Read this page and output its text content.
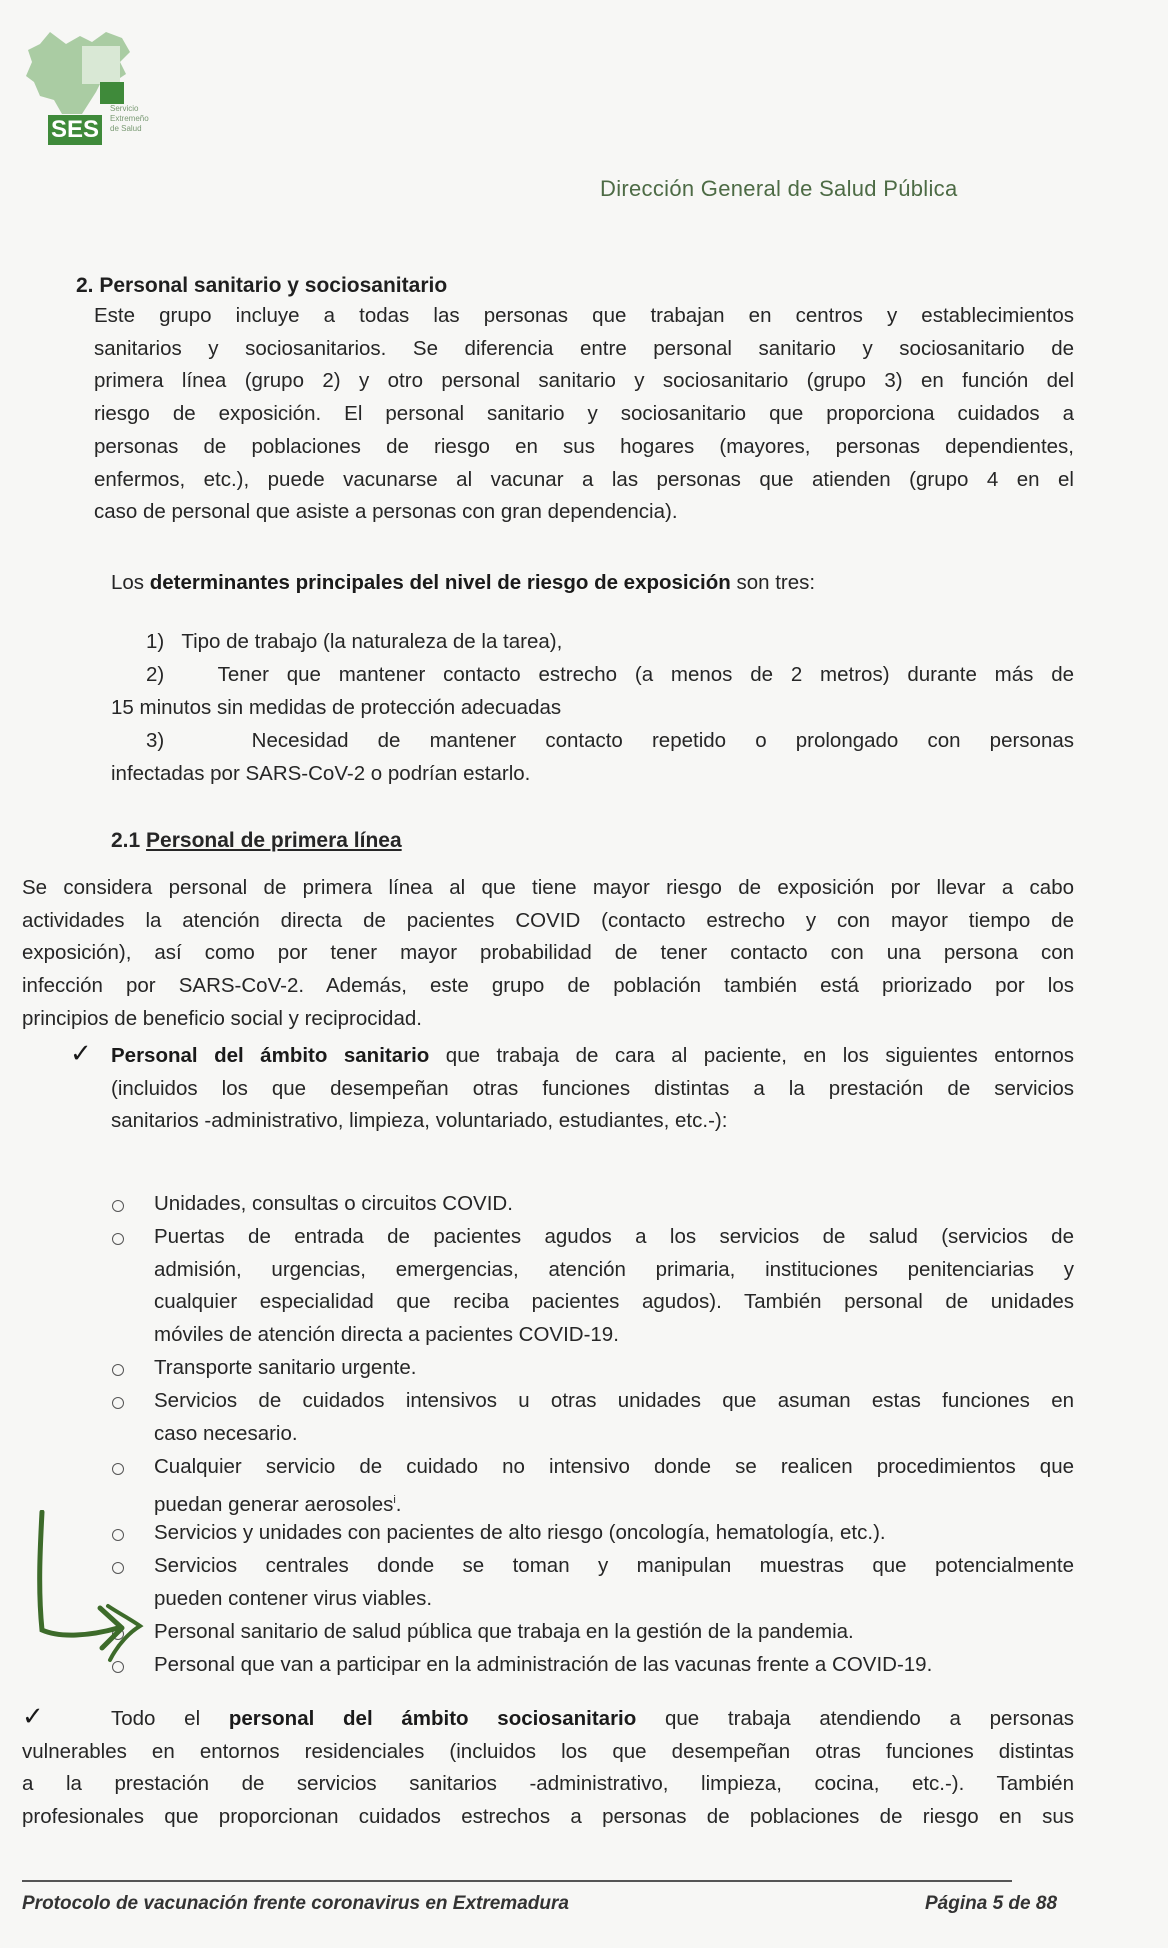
SES
Servicio
Extremeño
de Salud
Dirección General de Salud Pública
2. Personal sanitario y sociosanitario
Este grupo incluye a todas las personas que trabajan en centros y establecimientos
sanitarios y sociosanitarios. Se diferencia entre personal sanitario y sociosanitario de
primera línea (grupo 2) y otro personal sanitario y sociosanitario (grupo 3) en función del
riesgo de exposición. El personal sanitario y sociosanitario que proporciona cuidados a
personas de poblaciones de riesgo en sus hogares (mayores, personas dependientes,
enfermos, etc.), puede vacunarse al vacunar a las personas que atienden (grupo 4 en el
caso de personal que asiste a personas con gran dependencia).
Los determinantes principales del nivel de riesgo de exposición son tres:
1)   Tipo de trabajo (la naturaleza de la tarea),
2)   Tener que mantener contacto estrecho (a menos de 2 metros) durante más de
15 minutos sin medidas de protección adecuadas
3)   Necesidad de mantener contacto repetido o prolongado con personas
infectadas por SARS-CoV-2 o podrían estarlo.
2.1 Personal de primera línea
Se considera personal de primera línea al que tiene mayor riesgo de exposición por llevar a cabo
actividades la atención directa de pacientes COVID (contacto estrecho y con mayor tiempo de
exposición), así como por tener mayor probabilidad de tener contacto con una persona con
infección por SARS-CoV-2. Además, este grupo de población también está priorizado por los
principios de beneficio social y reciprocidad.
✓ Personal del ámbito sanitario que trabaja de cara al paciente, en los siguientes entornos
(incluidos los que desempeñan otras funciones distintas a la prestación de servicios
sanitarios -administrativo, limpieza, voluntariado, estudiantes, etc.-):
Unidades, consultas o circuitos COVID.
Puertas de entrada de pacientes agudos a los servicios de salud (servicios de
admisión, urgencias, emergencias, atención primaria, instituciones penitenciarias y
cualquier especialidad que reciba pacientes agudos). También personal de unidades
móviles de atención directa a pacientes COVID-19.
Transporte sanitario urgente.
Servicios de cuidados intensivos u otras unidades que asuman estas funciones en
caso necesario.
Cualquier servicio de cuidado no intensivo donde se realicen procedimientos que
puedan generar aerosoles$^i$.
Servicios y unidades con pacientes de alto riesgo (oncología, hematología, etc.).
Servicios centrales donde se toman y manipulan muestras que potencialmente
pueden contener virus viables.
Personal sanitario de salud pública que trabaja en la gestión de la pandemia.
Personal que van a participar en la administración de las vacunas frente a COVID-19.
✓	Todo el personal del ámbito sociosanitario que trabaja atendiendo a personas
vulnerables en entornos residenciales (incluidos los que desempeñan otras funciones distintas
a la prestación de servicios sanitarios -administrativo, limpieza, cocina, etc.-). También
profesionales que proporcionan cuidados estrechos a personas de poblaciones de riesgo en sus
Protocolo de vacunación frente coronavirus en Extremadura	Página 5 de 88
